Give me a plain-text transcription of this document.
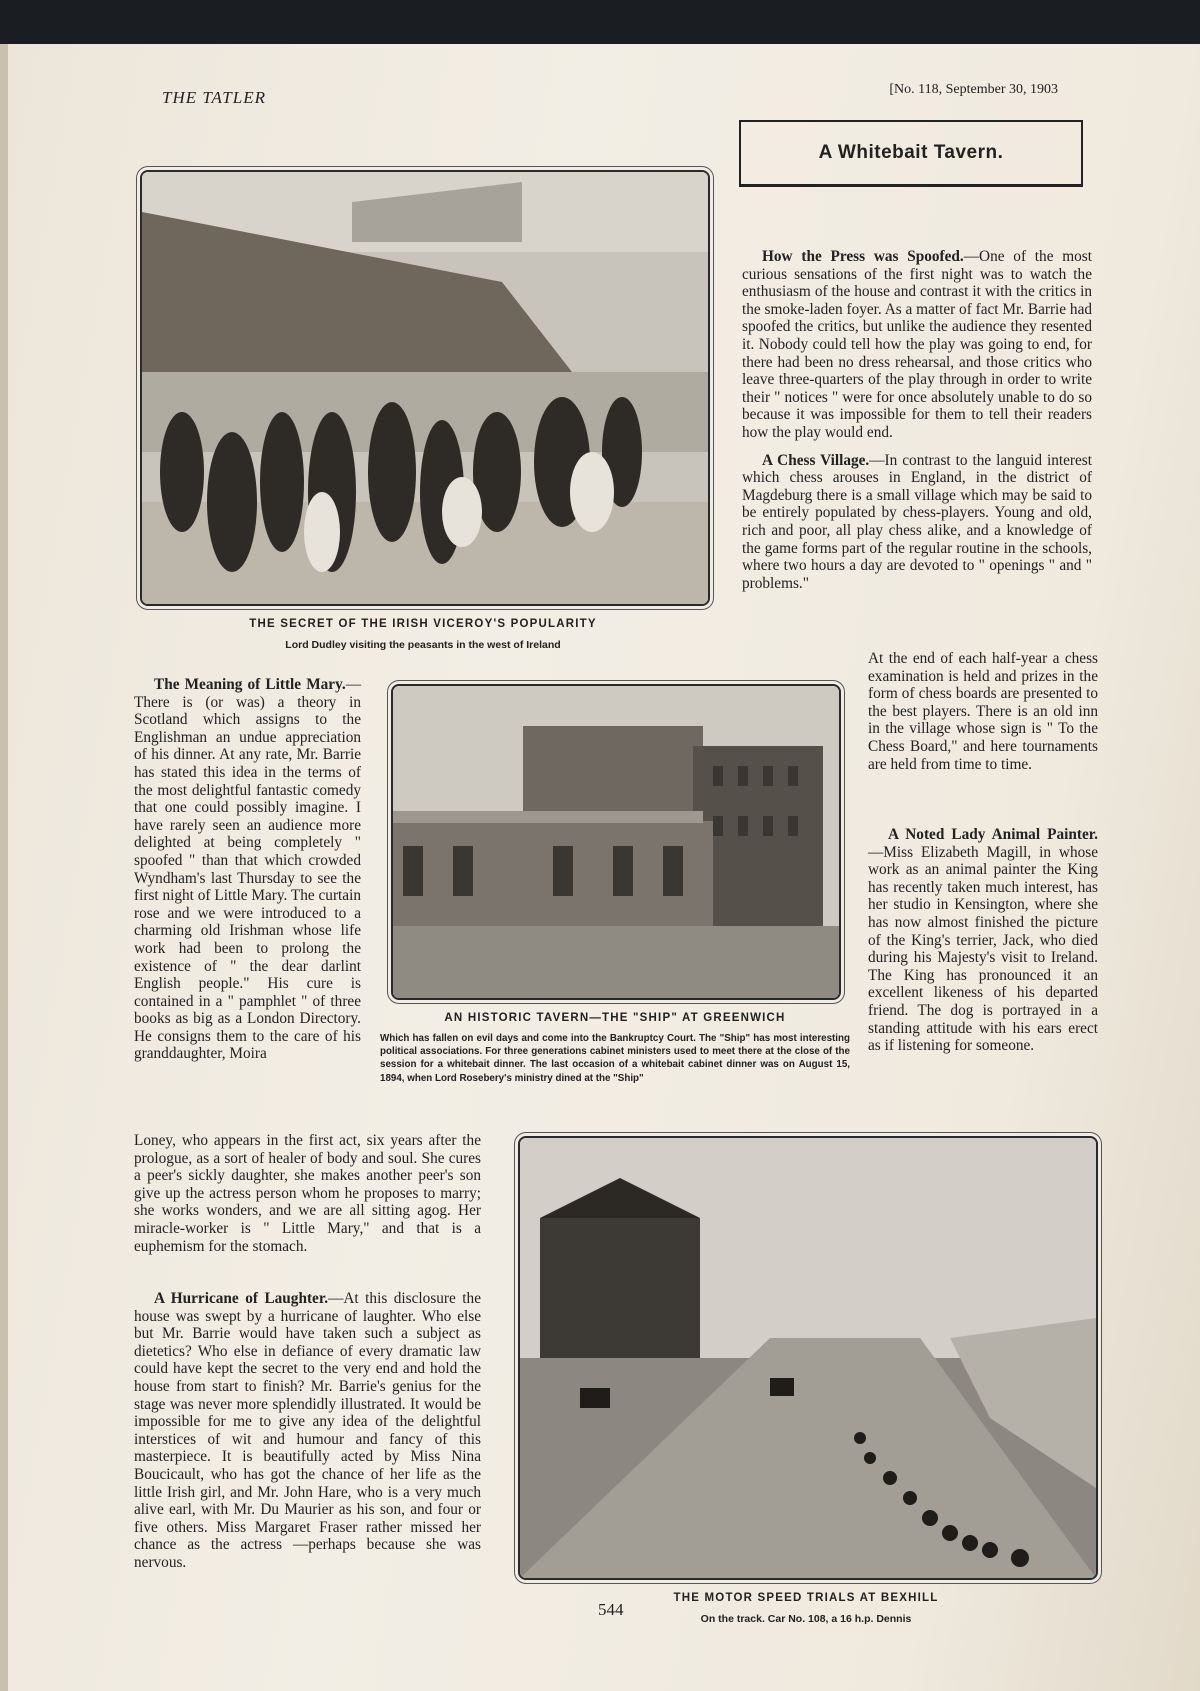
THE TATLER	[No. 118, September 30, 1903
THE SECRET OF THE IRISH VICEROY'S POPULARITY
Lord Dudley visiting the peasants in the west of Ireland
A Whitebait Tavern.

How the Press was Spoofed.—One of the most curious sensations of the first night was to watch the enthusiasm of the house and contrast it with the critics in the smoke-laden foyer. As a matter of fact Mr. Barrie had spoofed the critics, but unlike the audience they resented it. Nobody could tell how the play was going to end, for there had been no dress rehearsal, and those critics who leave three-quarters of the play through in order to write their " notices " were for once absolutely unable to do so because it was impossible for them to tell their readers how the play would end.

A Chess Village.—In contrast to the languid interest which chess arouses in England, in the district of Magdeburg there is a small village which may be said to be entirely populated by chess-players. Young and old, rich and poor, all play chess alike, and a knowledge of the game forms part of the regular routine in the schools, where two hours a day are devoted to " openings " and " problems."

At the end of each half-year a chess examination is held and prizes in the form of chess boards are presented to the best players. There is an old inn in the village whose sign is " To the Chess Board," and here tournaments are held from time to time.

A Noted Lady Animal Painter.—Miss Elizabeth Magill, in whose work as an animal painter the King has recently taken much interest, has her studio in Kensington, where she has now almost finished the picture of the King's terrier, Jack, who died during his Majesty's visit to Ireland. The King has pronounced it an excellent likeness of his departed friend. The dog is portrayed in a standing attitude with his ears erect as if listening for someone.

AN HISTORIC TAVERN—THE "SHIP" AT GREENWICH
Which has fallen on evil days and come into the Bankruptcy Court. The "Ship" has most interesting political associations. For three generations cabinet ministers used to meet there at the close of the session for a whitebait dinner. The last occasion of a whitebait cabinet dinner was on August 15, 1894, when Lord Rosebery's ministry dined at the "Ship"

The Meaning of Little Mary.—There is (or was) a theory in Scotland which assigns to the Englishman an undue appreciation of his dinner. At any rate, Mr. Barrie has stated this idea in the terms of the most delightful fantastic comedy that one could possibly imagine. I have rarely seen an audience more delighted at being completely " spoofed " than that which crowded Wyndham's last Thursday to see the first night of Little Mary. The curtain rose and we were introduced to a charming old Irishman whose life work had been to prolong the existence of " the dear darlint English people." His cure is contained in a " pamphlet " of three books as big as a London Directory. He consigns them to the care of his granddaughter, Moira

Loney, who appears in the first act, six years after the prologue, as a sort of healer of body and soul. She cures a peer's sickly daughter, she makes another peer's son give up the actress person whom he proposes to marry; she works wonders, and we are all sitting agog. Her miracle-worker is " Little Mary," and that is a euphemism for the stomach.

A Hurricane of Laughter.—At this disclosure the house was swept by a hurricane of laughter. Who else but Mr. Barrie would have taken such a subject as dietetics? Who else in defiance of every dramatic law could have kept the secret to the very end and hold the house from start to finish? Mr. Barrie's genius for the stage was never more splendidly illustrated. It would be impossible for me to give any idea of the delightful interstices of wit and humour and fancy of this masterpiece. It is beautifully acted by Miss Nina Boucicault, who has got the chance of her life as the little Irish girl, and Mr. John Hare, who is a very much alive earl, with Mr. Du Maurier as his son, and four or five others. Miss Margaret Fraser rather missed her chance as the actress —perhaps because she was nervous.

THE MOTOR SPEED TRIALS AT BEXHILL
On the track. Car No. 108, a 16 h.p. Dennis
544
